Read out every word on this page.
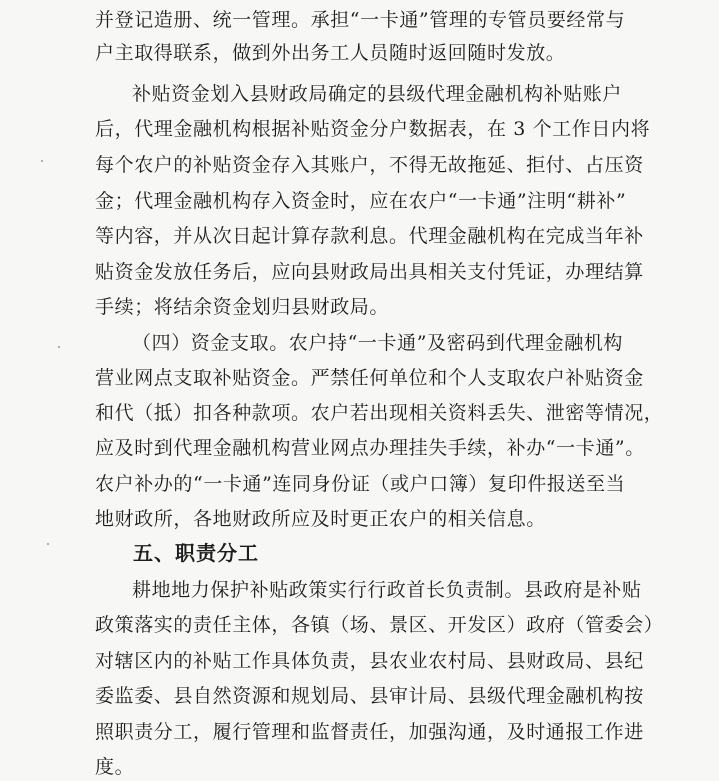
并登记造册、统一管理。承担“一卡通”管理的专管员要经常与
户主取得联系，做到外出务工人员随时返回随时发放。
补贴资金划入县财政局确定的县级代理金融机构补贴账户
后，代理金融机构根据补贴资金分户数据表，在 3 个工作日内将
每个农户的补贴资金存入其账户，不得无故拖延、拒付、占压资
金；代理金融机构存入资金时，应在农户“一卡通”注明“耕补”
等内容，并从次日起计算存款利息。代理金融机构在完成当年补
贴资金发放任务后，应向县财政局出具相关支付凭证，办理结算
手续；将结余资金划归县财政局。
（四）资金支取。农户持“一卡通”及密码到代理金融机构
营业网点支取补贴资金。严禁任何单位和个人支取农户补贴资金
和代（抵）扣各种款项。农户若出现相关资料丢失、泄密等情况，
应及时到代理金融机构营业网点办理挂失手续，补办“一卡通”。
农户补办的“一卡通”连同身份证（或户口簿）复印件报送至当
地财政所，各地财政所应及时更正农户的相关信息。
五、职责分工
耕地地力保护补贴政策实行行政首长负责制。县政府是补贴
政策落实的责任主体，各镇（场、景区、开发区）政府（管委会）
对辖区内的补贴工作具体负责，县农业农村局、县财政局、县纪
委监委、县自然资源和规划局、县审计局、县级代理金融机构按
照职责分工，履行管理和监督责任，加强沟通，及时通报工作进
度。
